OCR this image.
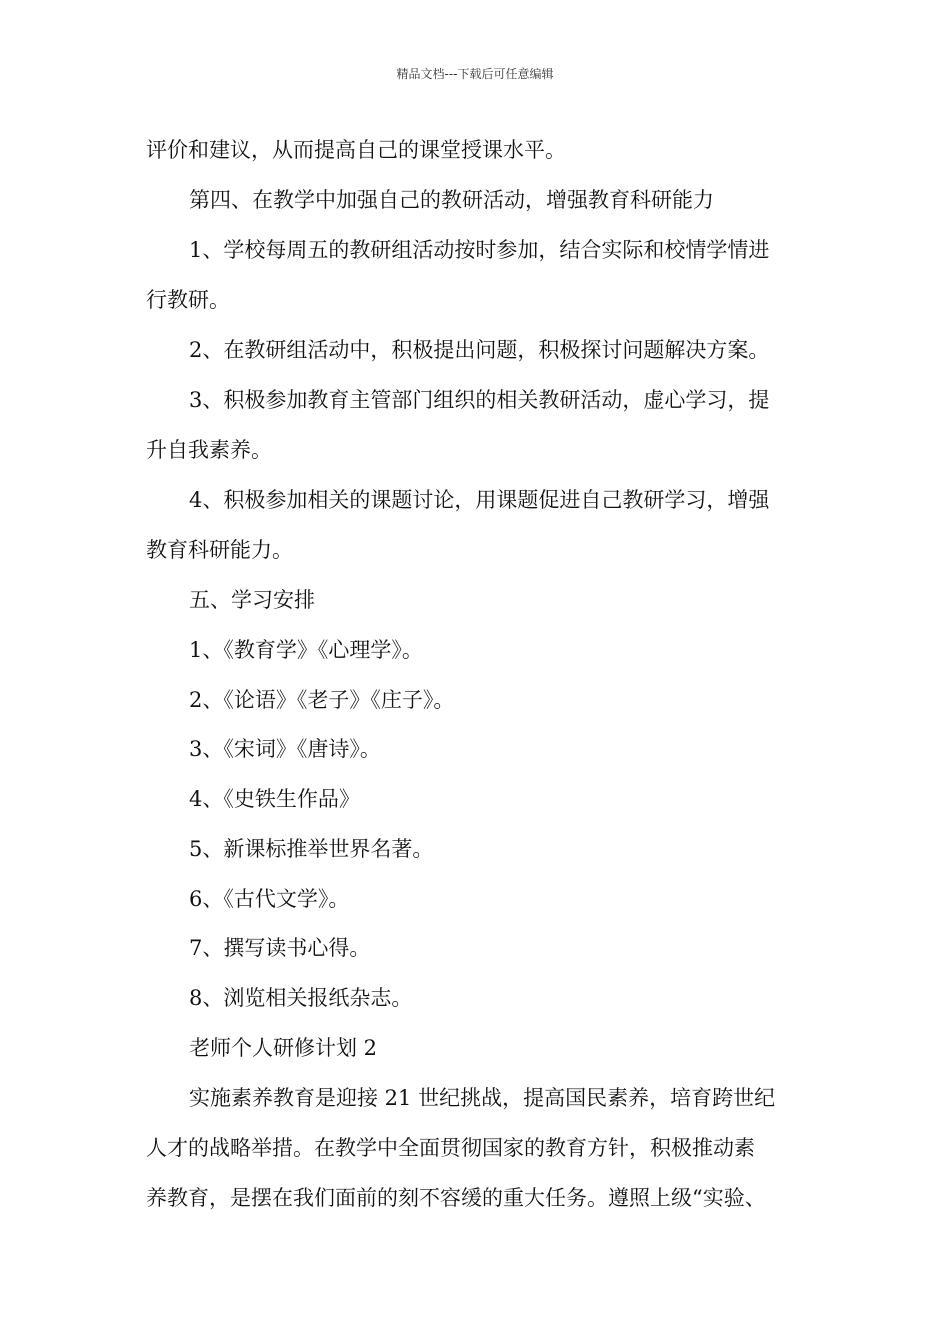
精品文档---下载后可任意编辑
评价和建议，从而提高自己的课堂授课水平。
第四、在教学中加强自己的教研活动，增强教育科研能力
1、学校每周五的教研组活动按时参加，结合实际和校情学情进
行教研。
2、在教研组活动中，积极提出问题，积极探讨问题解决方案。
3、积极参加教育主管部门组织的相关教研活动，虚心学习，提
升自我素养。
4、积极参加相关的课题讨论，用课题促进自己教研学习，增强
教育科研能力。
五、学习安排
1、《教育学》《心理学》。
2、《论语》《老子》《庄子》。
3、《宋词》《唐诗》。
4、《史铁生作品》
5、新课标推举世界名著。
6、《古代文学》。
7、撰写读书心得。
8、浏览相关报纸杂志。
老师个人研修计划 2
实施素养教育是迎接 21 世纪挑战，提高国民素养，培育跨世纪
人才的战略举措。在教学中全面贯彻国家的教育方针，积极推动素
养教育，是摆在我们面前的刻不容缓的重大任务。遵照上级“实验、
